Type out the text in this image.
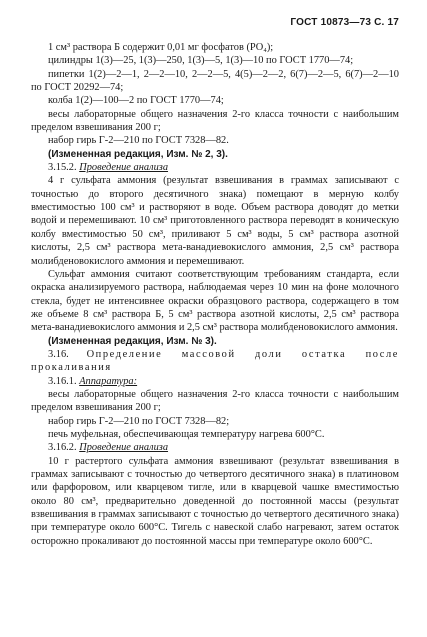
ГОСТ 10873—73 С. 17

1 см³ раствора Б содержит 0,01 мг фосфатов (PO₄);

цилиндры 1(3)—25, 1(3)—250, 1(3)—5, 1(3)—10 по ГОСТ 1770—74;

пипетки 1(2)—2—1, 2—2—10, 2—2—5, 4(5)—2—2, 6(7)—2—5, 6(7)—2—10 по ГОСТ 20292—74;

колба 1(2)—100—2 по ГОСТ 1770—74;

весы лабораторные общего назначения 2-го класса точности с наибольшим пределом взвешивания 200 г;

набор гирь Г-2—210 по ГОСТ 7328—82.

(Измененная редакция, Изм. № 2, 3).

3.15.2. Проведение анализа

4 г сульфата аммония (результат взвешивания в граммах записывают с точностью до второго десятичного знака) помещают в мерную колбу вместимостью 100 см³ и растворяют в воде. Объем раствора доводят до метки водой и перемешивают. 10 см³ приготовленного раствора переводят в коническую колбу вместимостью 50 см³, приливают 5 см³ воды, 5 см³ раствора азотной кислоты, 2,5 см³ раствора мета-ванадиевокислого аммония, 2,5 см³ раствора молибденовокислого аммония и перемешивают.

Сульфат аммония считают соответствующим требованиям стандарта, если окраска анализируемого раствора, наблюдаемая через 10 мин на фоне молочного стекла, будет не интенсивнее окраски образцового раствора, содержащего в том же объеме 8 см³ раствора Б, 5 см³ раствора азотной кислоты, 2,5 см³ раствора мета-ванадиевокислого аммония и 2,5 см³ раствора молибденовокислого аммония.

(Измененная редакция, Изм. № 3).

3.16. Определение массовой доли остатка после прокаливания

3.16.1. Аппаратура:

весы лабораторные общего назначения 2-го класса точности с наибольшим пределом взвешивания 200 г;

набор гирь Г-2—210 по ГОСТ 7328—82;

печь муфельная, обеспечивающая температуру нагрева 600°С.

3.16.2. Проведение анализа

10 г растертого сульфата аммония взвешивают (результат взвешивания в граммах записывают с точностью до четвертого десятичного знака) в платиновом или фарфоровом, или кварцевом тигле, или в кварцевой чашке вместимостью около 80 см³, предварительно доведенной до постоянной массы (результат взвешивания в граммах записывают с точностью до четвертого десятичного знака) при температуре около 600°С. Тигель с навеской слабо нагревают, затем остаток осторожно прокаливают до постоянной массы при температуре около 600°С.
